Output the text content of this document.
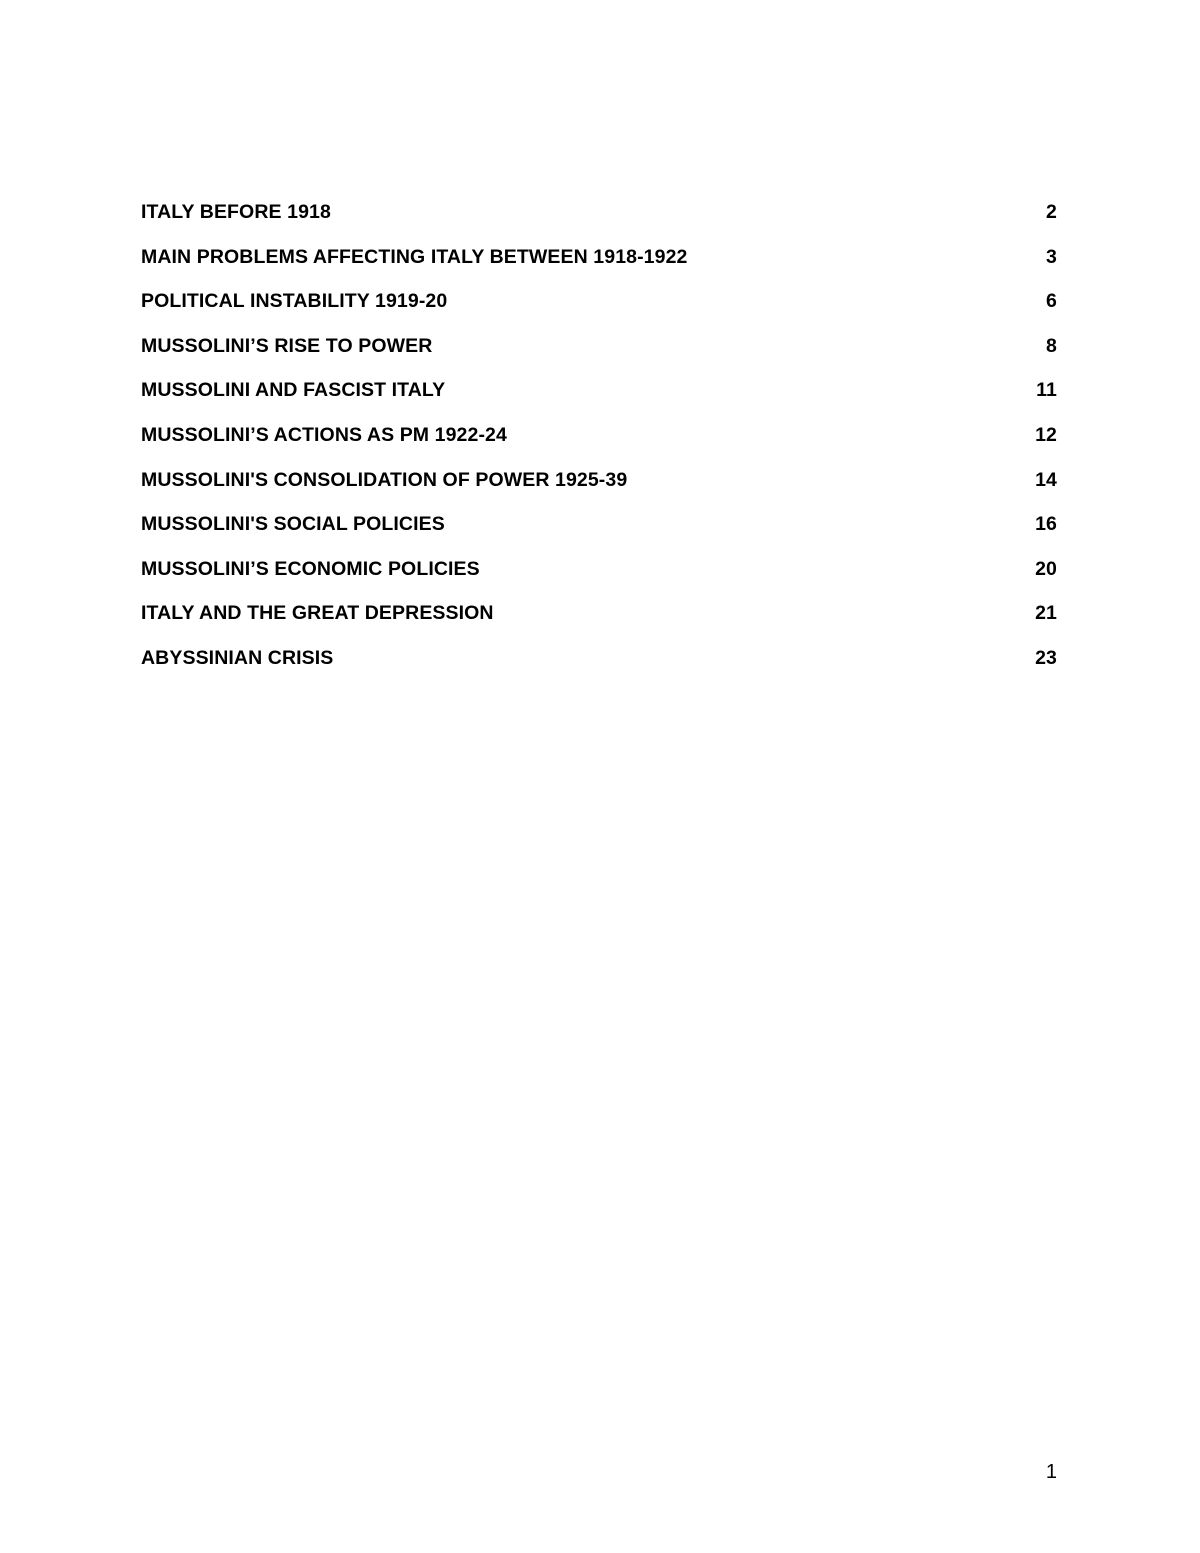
ITALY BEFORE 1918	2
MAIN PROBLEMS AFFECTING ITALY BETWEEN 1918-1922	3
POLITICAL INSTABILITY 1919-20	6
MUSSOLINI’S RISE TO POWER	8
MUSSOLINI AND FASCIST ITALY	11
MUSSOLINI’S ACTIONS AS PM 1922-24	12
MUSSOLINI'S CONSOLIDATION OF POWER 1925-39	14
MUSSOLINI'S SOCIAL POLICIES	16
MUSSOLINI’S ECONOMIC POLICIES	20
ITALY AND THE GREAT DEPRESSION	21
ABYSSINIAN CRISIS	23
1
